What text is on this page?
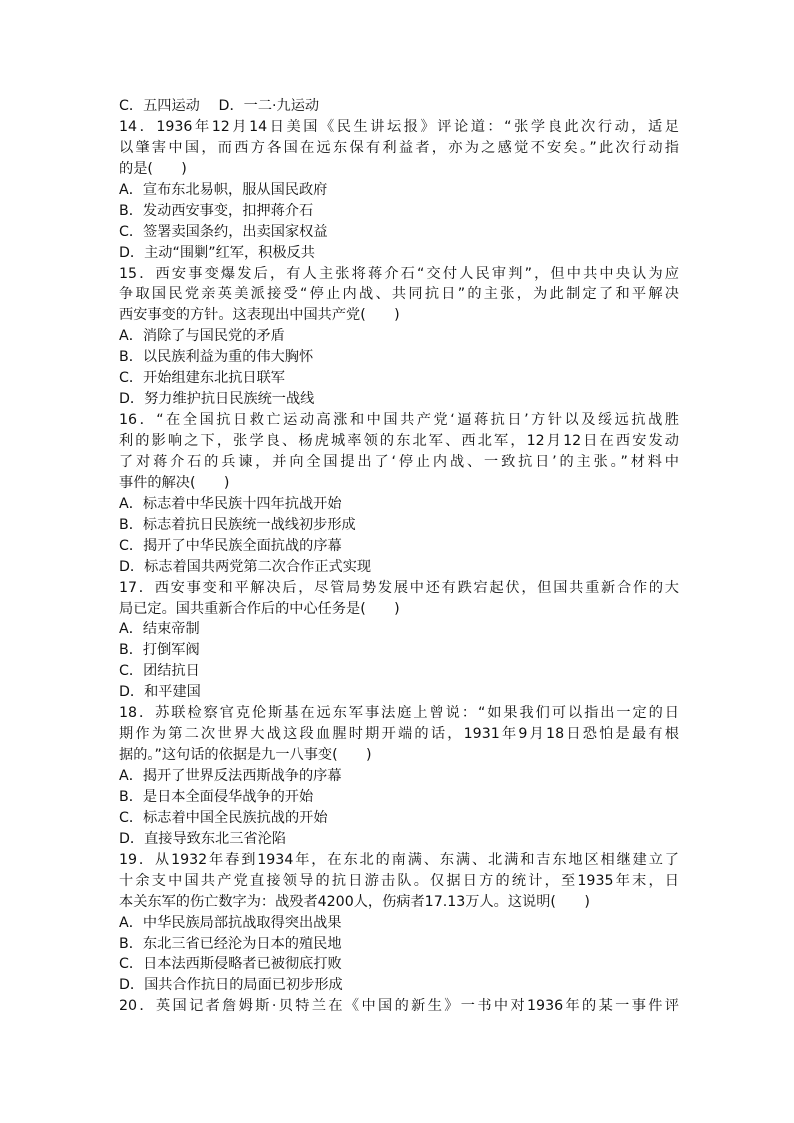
C．五四运动　 D．一二·九运动
14．1936年12月14日美国《民生讲坛报》评论道：“张学良此次行动，适足
以肇害中国，而西方各国在远东保有利益者，亦为之感觉不安矣。”此次行动指
的是(　　)
A．宣布东北易帜，服从国民政府
B．发动西安事变，扣押蒋介石
C．签署卖国条约，出卖国家权益
D．主动“围剿”红军，积极反共
15．西安事变爆发后，有人主张将蒋介石“交付人民审判”，但中共中央认为应
争取国民党亲英美派接受“停止内战、共同抗日”的主张，为此制定了和平解决
西安事变的方针。这表现出中国共产党(　　)
A．消除了与国民党的矛盾
B．以民族利益为重的伟大胸怀
C．开始组建东北抗日联军
D．努力维护抗日民族统一战线
16．“在全国抗日救亡运动高涨和中国共产党‘逼蒋抗日’方针以及绥远抗战胜
利的影响之下，张学良、杨虎城率领的东北军、西北军，12月12日在西安发动
了对蒋介石的兵谏，并向全国提出了‘停止内战、一致抗日’的主张。”材料中
事件的解决(　　)
A．标志着中华民族十四年抗战开始
B．标志着抗日民族统一战线初步形成
C．揭开了中华民族全面抗战的序幕
D．标志着国共两党第二次合作正式实现
17．西安事变和平解决后，尽管局势发展中还有跌宕起伏，但国共重新合作的大
局已定。国共重新合作后的中心任务是(　　)
A．结束帝制
B．打倒军阀
C．团结抗日
D．和平建国
18．苏联检察官克伦斯基在远东军事法庭上曾说：“如果我们可以指出一定的日
期作为第二次世界大战这段血腥时期开端的话，1931年9月18日恐怕是最有根
据的。”这句话的依据是九一八事变(　　)
A．揭开了世界反法西斯战争的序幕
B．是日本全面侵华战争的开始
C．标志着中国全民族抗战的开始
D．直接导致东北三省沦陷
19．从1932年春到1934年，在东北的南满、东满、北满和吉东地区相继建立了
十余支中国共产党直接领导的抗日游击队。仅据日方的统计，至1935年末，日
本关东军的伤亡数字为：战殁者4200人，伤病者17.13万人。这说明(　　)
A．中华民族局部抗战取得突出战果
B．东北三省已经沦为日本的殖民地
C．日本法西斯侵略者已被彻底打败
D．国共合作抗日的局面已初步形成
20．英国记者詹姆斯·贝特兰在《中国的新生》一书中对1936年的某一事件评
